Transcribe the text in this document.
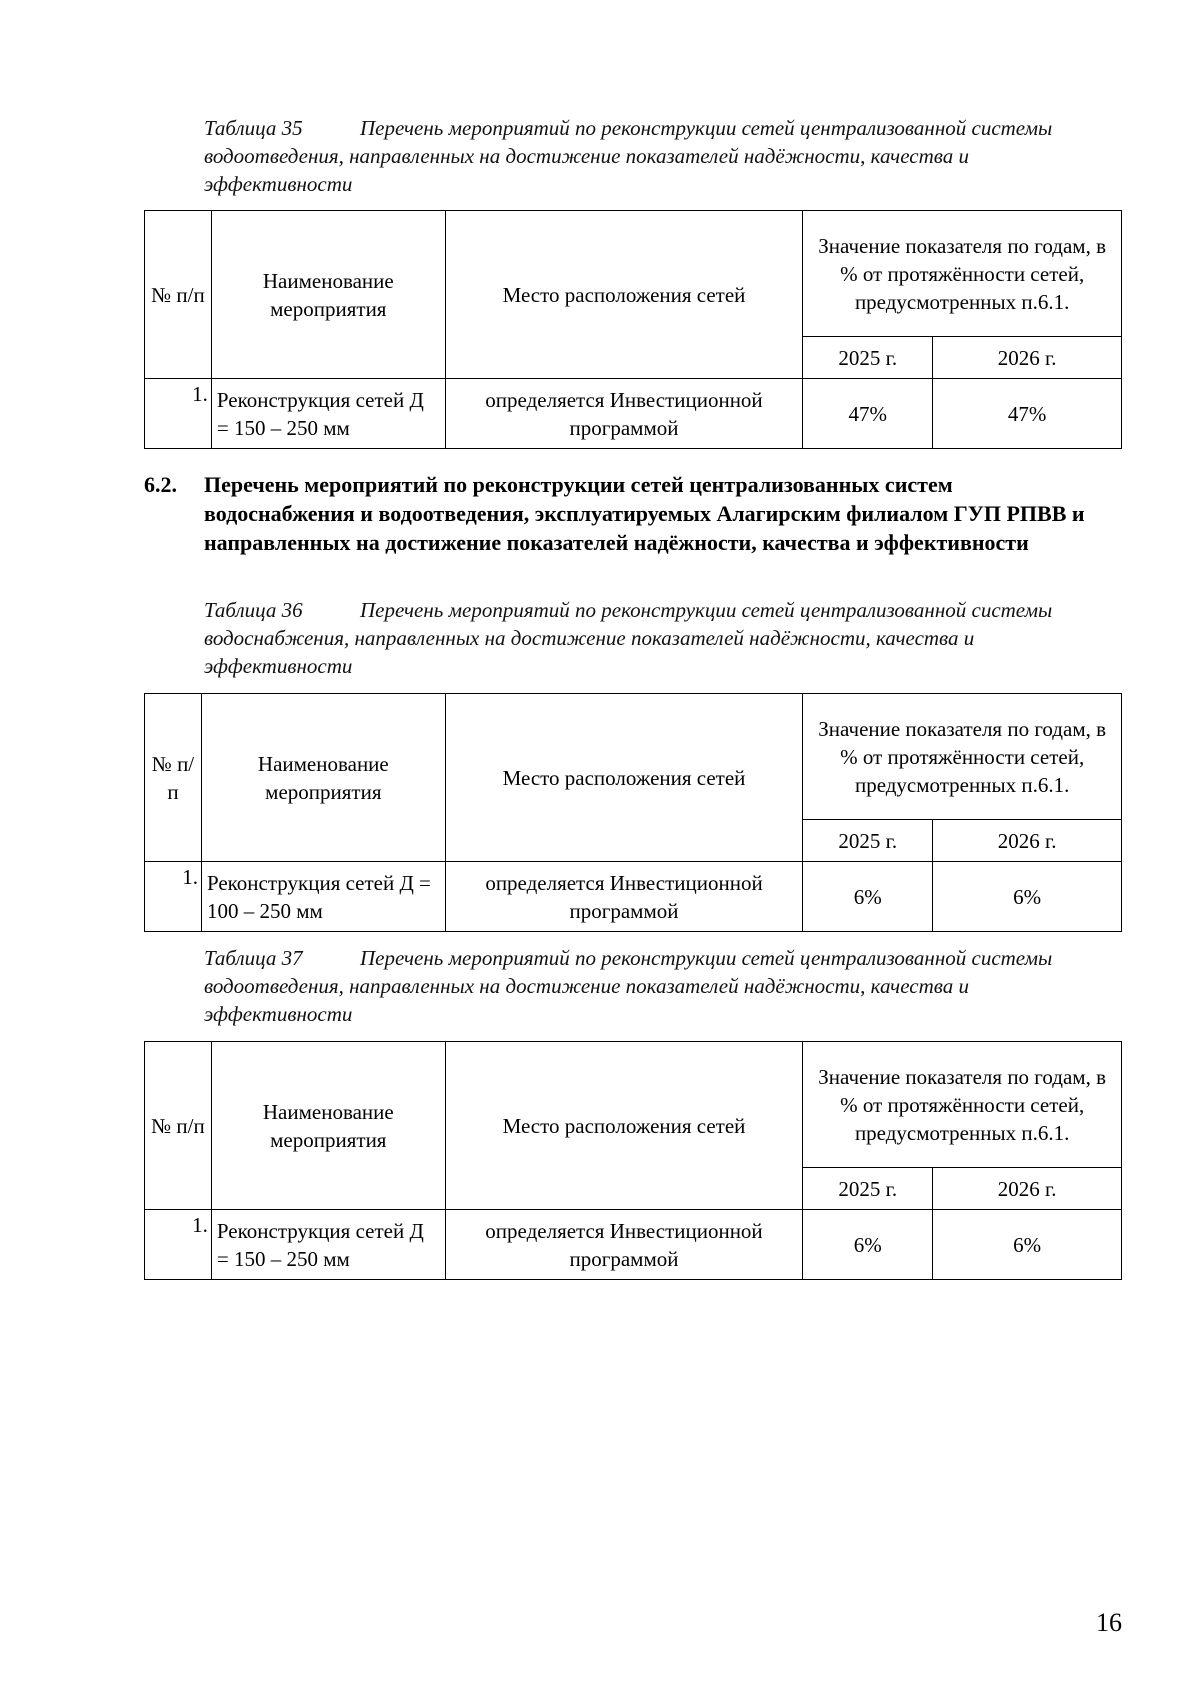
Таблица 35	Перечень мероприятий по реконструкции сетей централизованной системы водоотведения, направленных на достижение показателей надёжности, качества и эффективности
№ п/п	Наименование мероприятия	Место расположения сетей	Значение показателя по годам, в % от протяжённости сетей, предусмотренных п.6.1.	
			2025 г.	2026 г.
1.	Реконструкция сетей Д = 150 – 250 мм	определяется Инвестиционной программой	47%	47%
6.2. Перечень мероприятий по реконструкции сетей централизованных систем водоснабжения и водоотведения, эксплуатируемых Алагирским филиалом ГУП РПВВ и направленных на достижение показателей надёжности, качества и эффективности
Таблица 36	Перечень мероприятий по реконструкции сетей централизованной системы водоснабжения, направленных на достижение показателей надёжности, качества и эффективности
№ п/п	Наименование мероприятия	Место расположения сетей	Значение показателя по годам, в % от протяжённости сетей, предусмотренных п.6.1.	
			2025 г.	2026 г.
1.	Реконструкция сетей Д = 100 – 250 мм	определяется Инвестиционной программой	6%	6%
Таблица 37	Перечень мероприятий по реконструкции сетей централизованной системы водоотведения, направленных на достижение показателей надёжности, качества и эффективности
№ п/п	Наименование мероприятия	Место расположения сетей	Значение показателя по годам, в % от протяжённости сетей, предусмотренных п.6.1.	
			2025 г.	2026 г.
1.	Реконструкция сетей Д = 150 – 250 мм	определяется Инвестиционной программой	6%	6%
16
